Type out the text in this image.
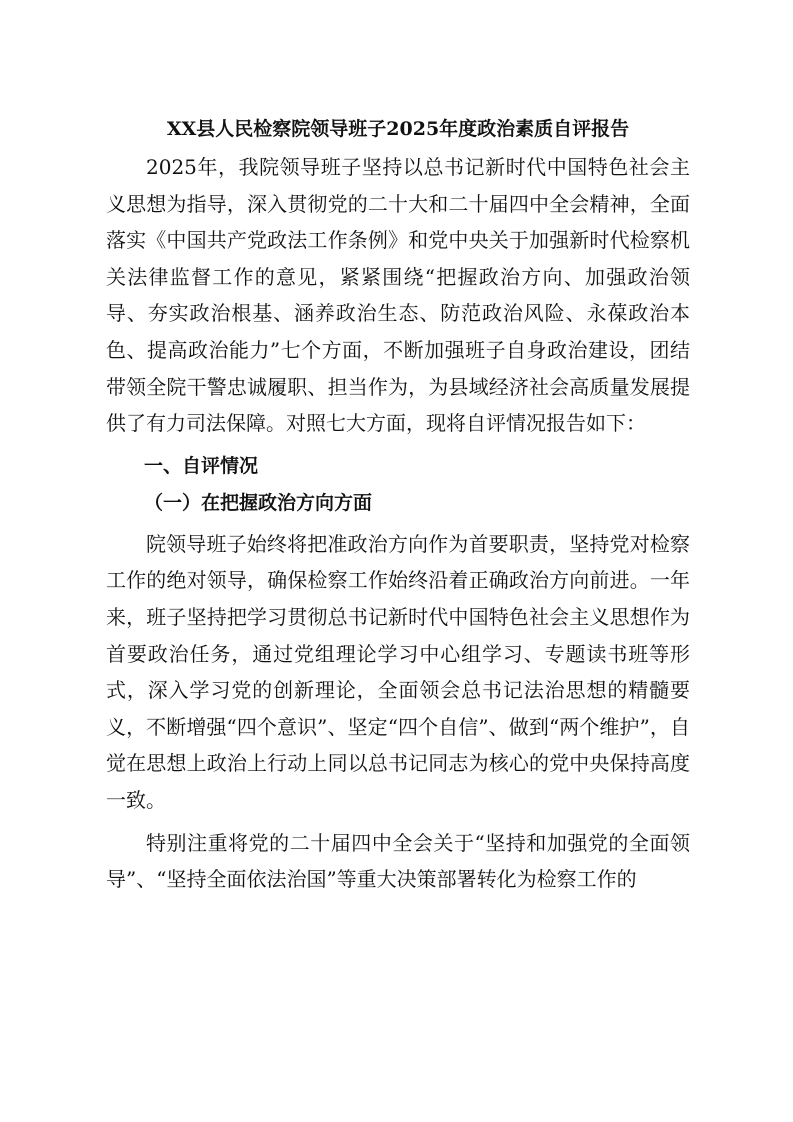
XX县人民检察院领导班子2025年度政治素质自评报告

2025年，我院领导班子坚持以总书记新时代中国特色社会主义思想为指导，深入贯彻党的二十大和二十届四中全会精神，全面落实《中国共产党政法工作条例》和党中央关于加强新时代检察机关法律监督工作的意见，紧紧围绕“把握政治方向、加强政治领导、夯实政治根基、涵养政治生态、防范政治风险、永葆政治本色、提高政治能力”七个方面，不断加强班子自身政治建设，团结带领全院干警忠诚履职、担当作为，为县域经济社会高质量发展提供了有力司法保障。对照七大方面，现将自评情况报告如下：

一、自评情况
（一）在把握政治方向方面

院领导班子始终将把准政治方向作为首要职责，坚持党对检察工作的绝对领导，确保检察工作始终沿着正确政治方向前进。一年来，班子坚持把学习贯彻总书记新时代中国特色社会主义思想作为首要政治任务，通过党组理论学习中心组学习、专题读书班等形式，深入学习党的创新理论，全面领会总书记法治思想的精髓要义，不断增强“四个意识”、坚定“四个自信”、做到“两个维护”，自觉在思想上政治上行动上同以总书记同志为核心的党中央保持高度一致。

特别注重将党的二十届四中全会关于“坚持和加强党的全面领导”、“坚持全面依法治国”等重大决策部署转化为检察工作的
